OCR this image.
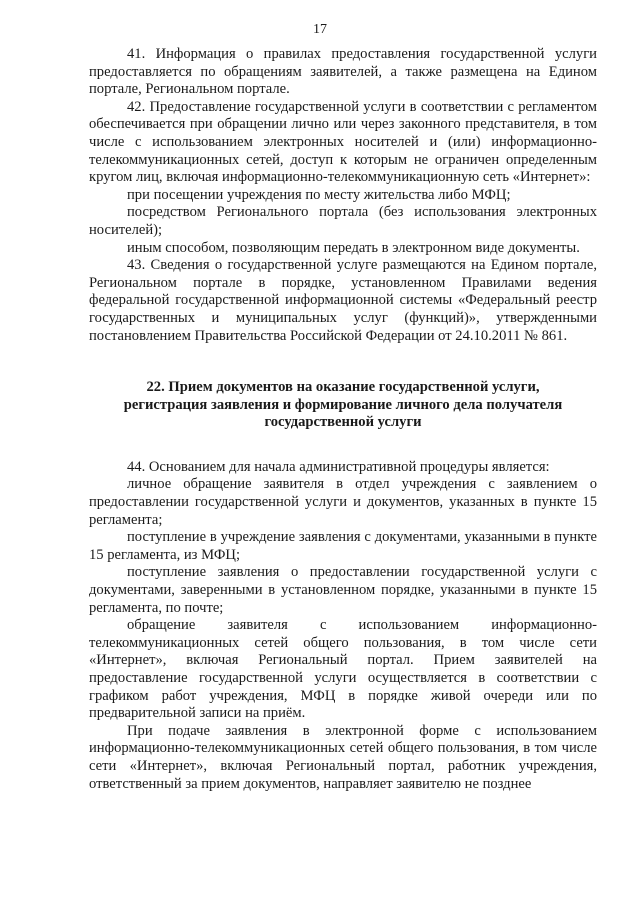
17

41. Информация о правилах предоставления государственной услуги предоставляется по обращениям заявителей, а также размещена на Едином портале, Региональном портале.

42. Предоставление государственной услуги в соответствии с регламентом обеспечивается при обращении лично или через законного представителя, в том числе с использованием электронных носителей и (или) информационно-телекоммуникационных сетей, доступ к которым не ограничен определенным кругом лиц, включая информационно-телекоммуникационную сеть «Интернет»:

при посещении учреждения по месту жительства либо МФЦ;

посредством Регионального портала (без использования электронных носителей);

иным способом, позволяющим передать в электронном виде документы.

43. Сведения о государственной услуге размещаются на Едином портале, Региональном портале в порядке, установленном Правилами ведения федеральной государственной информационной системы «Федеральный реестр государственных и муниципальных услуг (функций)», утвержденными постановлением Правительства Российской Федерации от 24.10.2011 № 861.

22. Прием документов на оказание государственной услуги, регистрация заявления и формирование личного дела получателя государственной услуги

44. Основанием для начала административной процедуры является:

личное обращение заявителя в отдел учреждения с заявлением о предоставлении государственной услуги и документов, указанных в пункте 15 регламента;

поступление в учреждение заявления с документами, указанными в пункте 15 регламента, из МФЦ;

поступление заявления о предоставлении государственной услуги с документами, заверенными в установленном порядке, указанными в пункте 15 регламента, по почте;

обращение заявителя с использованием информационно-телекоммуникационных сетей общего пользования, в том числе сети «Интернет», включая Региональный портал. Прием заявителей на предоставление государственной услуги осуществляется в соответствии с графиком работ учреждения, МФЦ в порядке живой очереди или по предварительной записи на приём.

При подаче заявления в электронной форме с использованием информационно-телекоммуникационных сетей общего пользования, в том числе сети «Интернет», включая Региональный портал, работник учреждения, ответственный за прием документов, направляет заявителю не позднее
